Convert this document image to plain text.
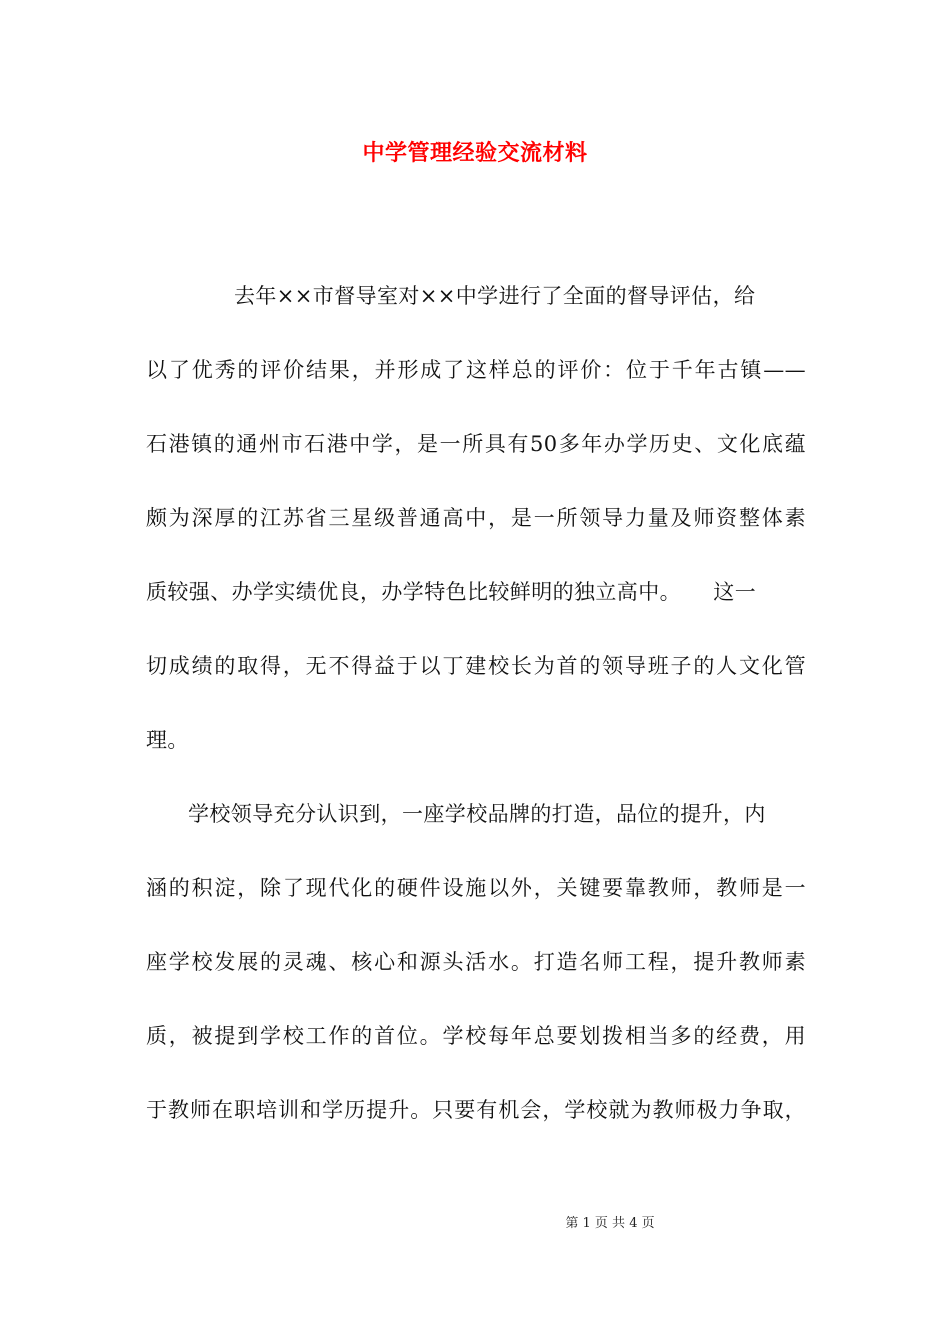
中学管理经验交流材料
去年××市督导室对××中学进行了全面的督导评估，给
以了优秀的评价结果，并形成了这样总的评价：位于千年古镇——
石港镇的通州市石港中学，是一所具有50多年办学历史、文化底蕴
颇为深厚的江苏省三星级普通高中，是一所领导力量及师资整体素
质较强、办学实绩优良，办学特色比较鲜明的独立高中。　　这一
切成绩的取得，无不得益于以丁建校长为首的领导班子的人文化管
理。
学校领导充分认识到，一座学校品牌的打造，品位的提升，内
涵的积淀，除了现代化的硬件设施以外，关键要靠教师，教师是一
座学校发展的灵魂、核心和源头活水。打造名师工程，提升教师素
质，被提到学校工作的首位。学校每年总要划拨相当多的经费，用
于教师在职培训和学历提升。只要有机会，学校就为教师极力争取，
第 1 页 共 4 页
